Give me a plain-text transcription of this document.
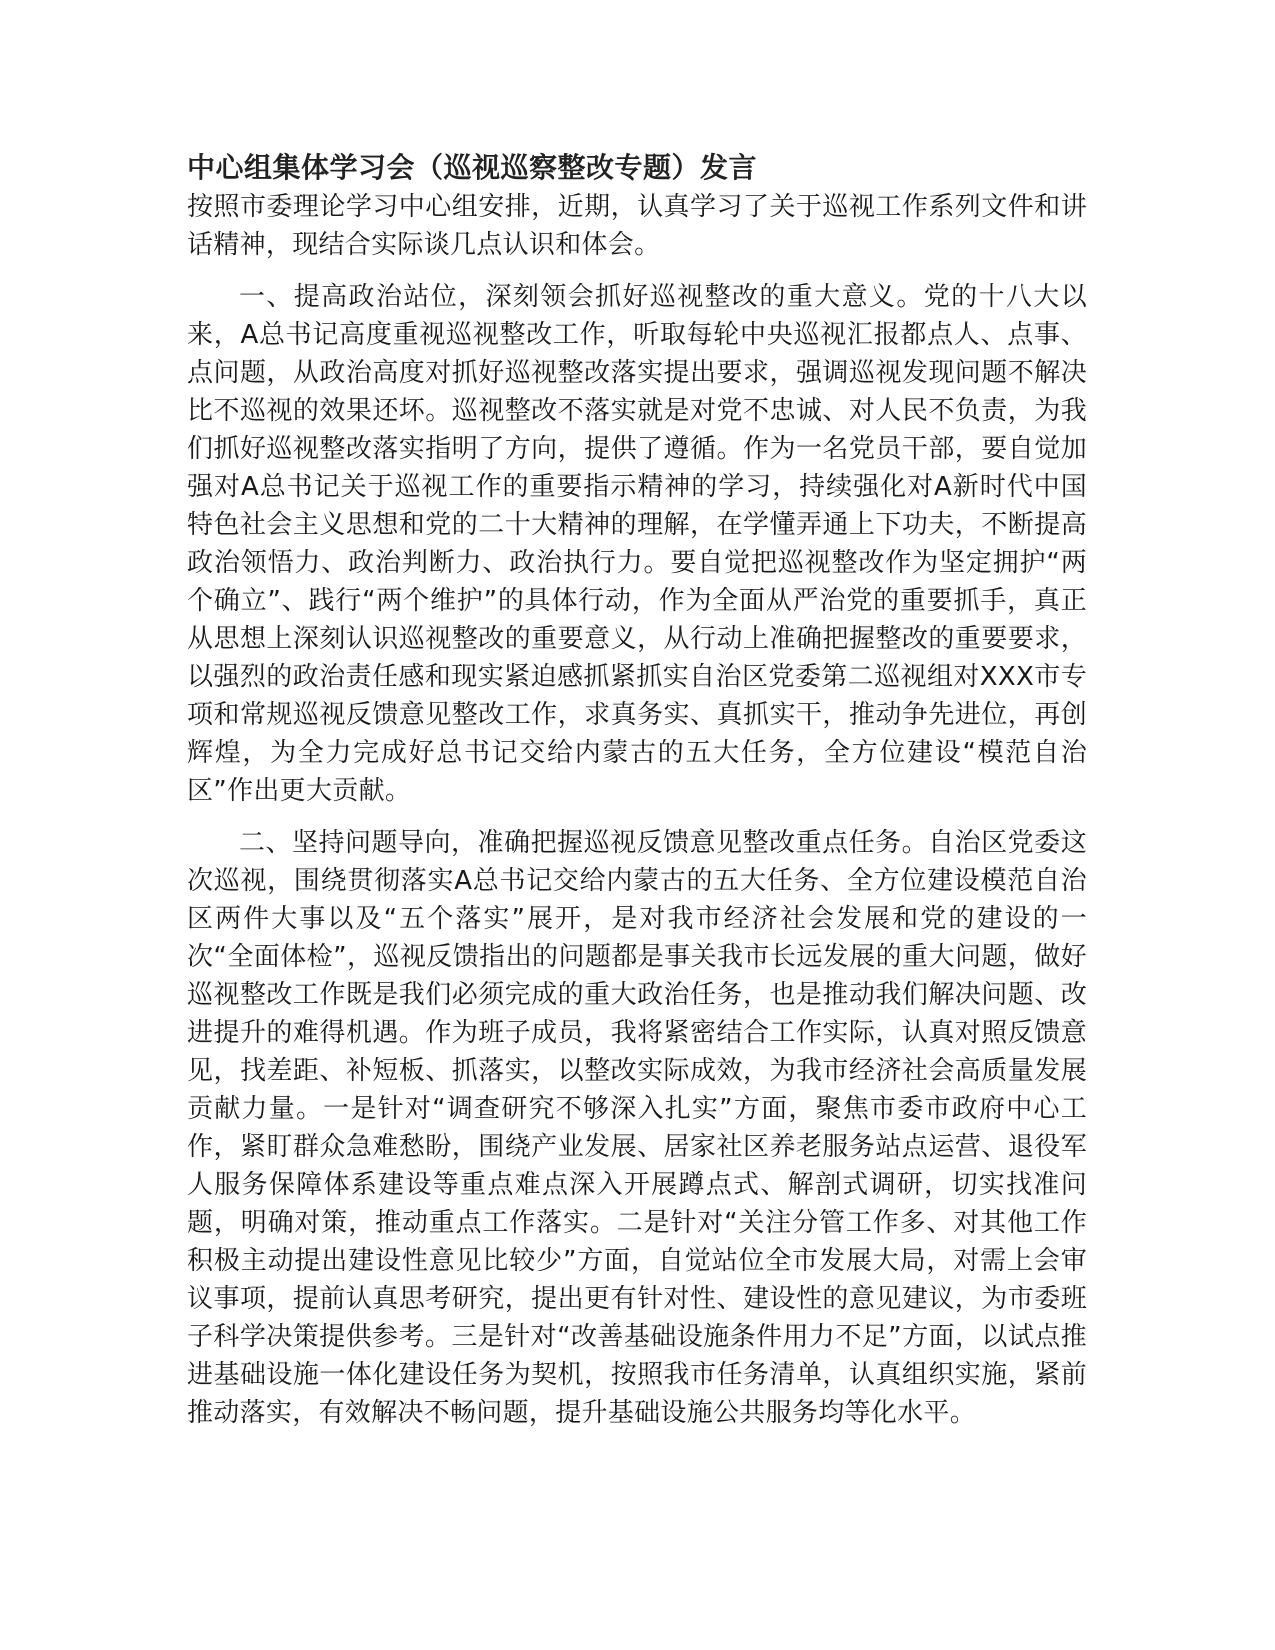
中心组集体学习会（巡视巡察整改专题）发言

按照市委理论学习中心组安排，近期，认真学习了关于巡视工作系列文件和讲话精神，现结合实际谈几点认识和体会。

一、提高政治站位，深刻领会抓好巡视整改的重大意义。党的十八大以来，A总书记高度重视巡视整改工作，听取每轮中央巡视汇报都点人、点事、点问题，从政治高度对抓好巡视整改落实提出要求，强调巡视发现问题不解决比不巡视的效果还坏。巡视整改不落实就是对党不忠诚、对人民不负责，为我们抓好巡视整改落实指明了方向，提供了遵循。作为一名党员干部，要自觉加强对A总书记关于巡视工作的重要指示精神的学习，持续强化对A新时代中国特色社会主义思想和党的二十大精神的理解，在学懂弄通上下功夫，不断提高政治领悟力、政治判断力、政治执行力。要自觉把巡视整改作为坚定拥护“两个确立”、践行“两个维护”的具体行动，作为全面从严治党的重要抓手，真正从思想上深刻认识巡视整改的重要意义，从行动上准确把握整改的重要要求，以强烈的政治责任感和现实紧迫感抓紧抓实自治区党委第二巡视组对XXX市专项和常规巡视反馈意见整改工作，求真务实、真抓实干，推动争先进位，再创辉煌，为全力完成好总书记交给内蒙古的五大任务，全方位建设“模范自治区”作出更大贡献。

二、坚持问题导向，准确把握巡视反馈意见整改重点任务。自治区党委这次巡视，围绕贯彻落实A总书记交给内蒙古的五大任务、全方位建设模范自治区两件大事以及“五个落实”展开，是对我市经济社会发展和党的建设的一次“全面体检”，巡视反馈指出的问题都是事关我市长远发展的重大问题，做好巡视整改工作既是我们必须完成的重大政治任务，也是推动我们解决问题、改进提升的难得机遇。作为班子成员，我将紧密结合工作实际，认真对照反馈意见，找差距、补短板、抓落实，以整改实际成效，为我市经济社会高质量发展贡献力量。一是针对“调查研究不够深入扎实”方面，聚焦市委市政府中心工作，紧盯群众急难愁盼，围绕产业发展、居家社区养老服务站点运营、退役军人服务保障体系建设等重点难点深入开展蹲点式、解剖式调研，切实找准问题，明确对策，推动重点工作落实。二是针对“关注分管工作多、对其他工作积极主动提出建设性意见比较少”方面，自觉站位全市发展大局，对需上会审议事项，提前认真思考研究，提出更有针对性、建设性的意见建议，为市委班子科学决策提供参考。三是针对“改善基础设施条件用力不足”方面，以试点推进基础设施一体化建设任务为契机，按照我市任务清单，认真组织实施，紧前推动落实，有效解决不畅问题，提升基础设施公共服务均等化水平。
